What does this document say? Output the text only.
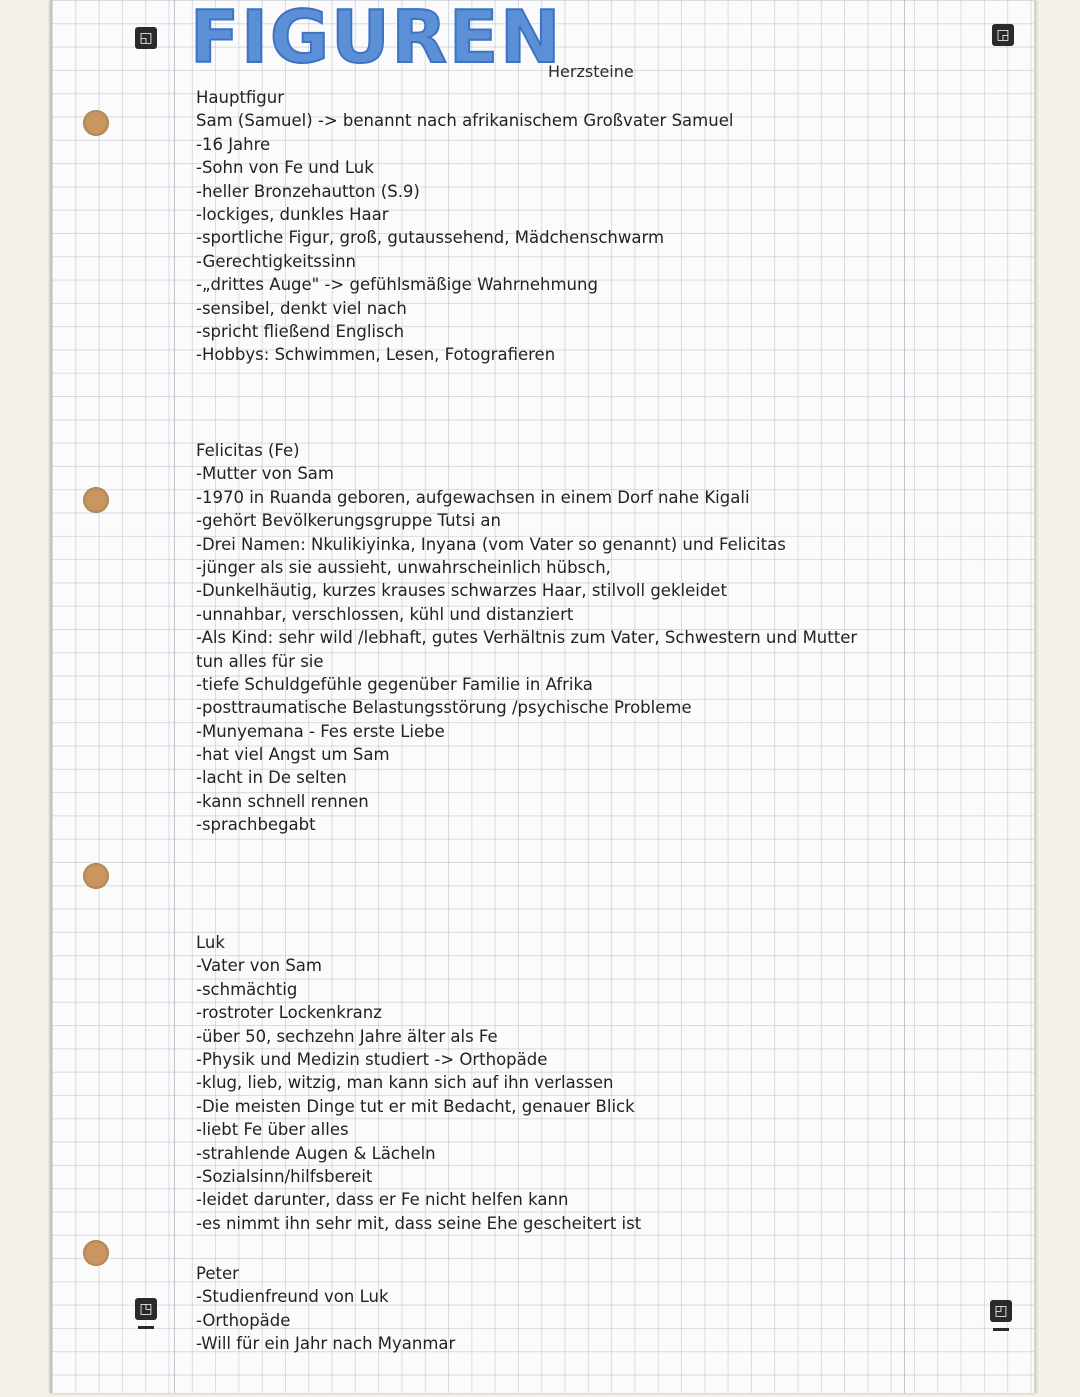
◱	◲
◳	◰
FIGUREN
Herzsteine
Hauptfigur
Sam (Samuel) -> benannt nach afrikanischem Großvater Samuel
-16 Jahre
-Sohn von Fe und Luk
-heller Bronzehautton (S.9)
-lockiges, dunkles Haar
-sportliche Figur, groß, gutaussehend, Mädchenschwarm
-Gerechtigkeitssinn
-„drittes Auge" -> gefühlsmäßige Wahrnehmung
-sensibel, denkt viel nach
-spricht fließend Englisch
-Hobbys: Schwimmen, Lesen, Fotografieren
Felicitas (Fe)
-Mutter von Sam
-1970 in Ruanda geboren, aufgewachsen in einem Dorf nahe Kigali
-gehört Bevölkerungsgruppe Tutsi an
-Drei Namen: Nkulikiyinka, Inyana (vom Vater so genannt) und Felicitas
-jünger als sie aussieht, unwahrscheinlich hübsch,
-Dunkelhäutig, kurzes krauses schwarzes Haar, stilvoll gekleidet
-unnahbar, verschlossen, kühl und distanziert
-Als Kind: sehr wild /lebhaft, gutes Verhältnis zum Vater, Schwestern und Mutter
tun alles für sie
-tiefe Schuldgefühle gegenüber Familie in Afrika
-posttraumatische Belastungsstörung /psychische Probleme
-Munyemana - Fes erste Liebe
-hat viel Angst um Sam
-lacht in De selten
-kann schnell rennen
-sprachbegabt
Luk
-Vater von Sam
-schmächtig
-rostroter Lockenkranz
-über 50, sechzehn Jahre älter als Fe
-Physik und Medizin studiert -> Orthopäde
-klug, lieb, witzig, man kann sich auf ihn verlassen
-Die meisten Dinge tut er mit Bedacht, genauer Blick
-liebt Fe über alles
-strahlende Augen & Lächeln
-Sozialsinn/hilfsbereit
-leidet darunter, dass er Fe nicht helfen kann
-es nimmt ihn sehr mit, dass seine Ehe gescheitert ist
Peter
-Studienfreund von Luk
-Orthopäde
-Will für ein Jahr nach Myanmar
